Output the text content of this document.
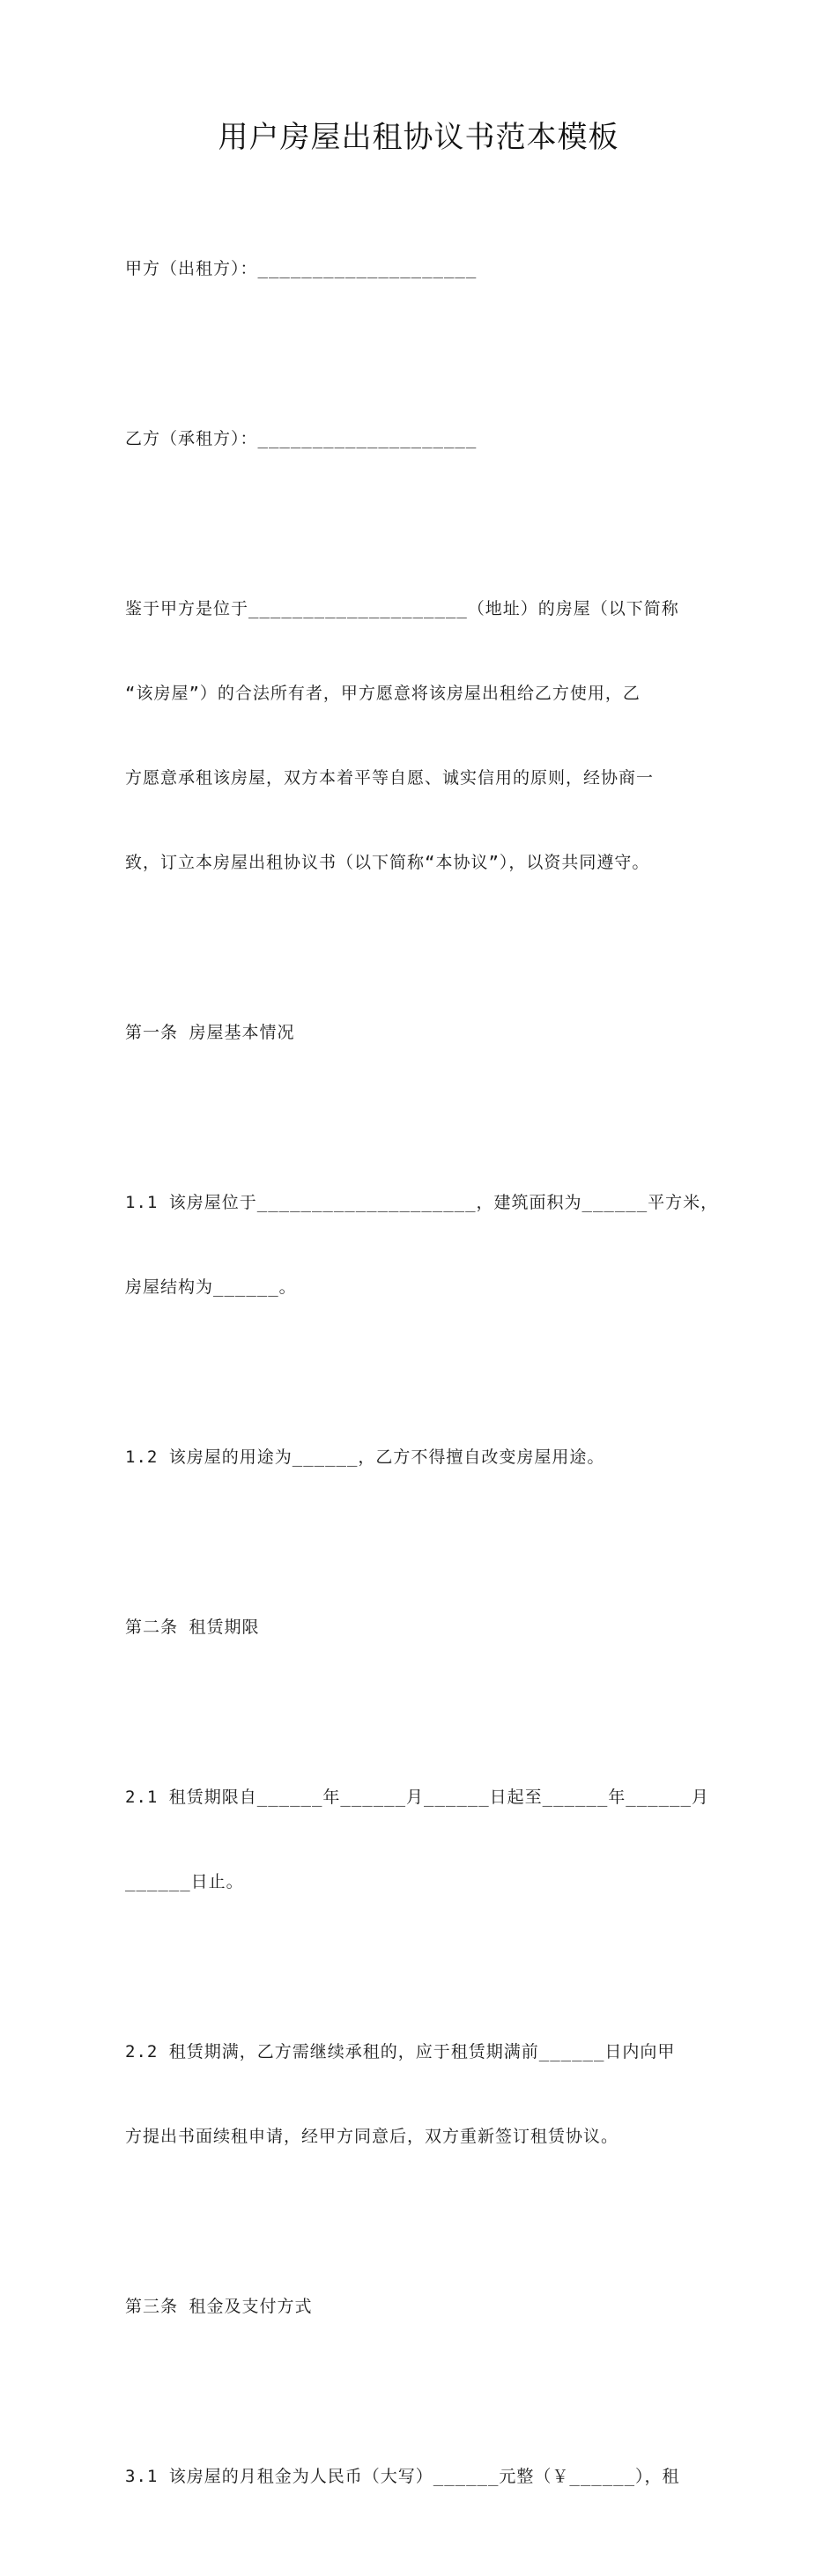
用户房屋出租协议书范本模板

甲方（出租方）：____________________

乙方（承租方）：____________________

鉴于甲方是位于____________________（地址）的房屋（以下简称

“该房屋”）的合法所有者，甲方愿意将该房屋出租给乙方使用，乙

方愿意承租该房屋，双方本着平等自愿、诚实信用的原则，经协商一

致，订立本房屋出租协议书（以下简称“本协议”），以资共同遵守。

第一条 房屋基本情况

1.1 该房屋位于____________________，建筑面积为______平方米，

房屋结构为______。

1.2 该房屋的用途为______，乙方不得擅自改变房屋用途。

第二条 租赁期限

2.1 租赁期限自______年______月______日起至______年______月

______日止。

2.2 租赁期满，乙方需继续承租的，应于租赁期满前______日内向甲

方提出书面续租申请，经甲方同意后，双方重新签订租赁协议。

第三条 租金及支付方式

3.1 该房屋的月租金为人民币（大写）______元整（￥______），租
